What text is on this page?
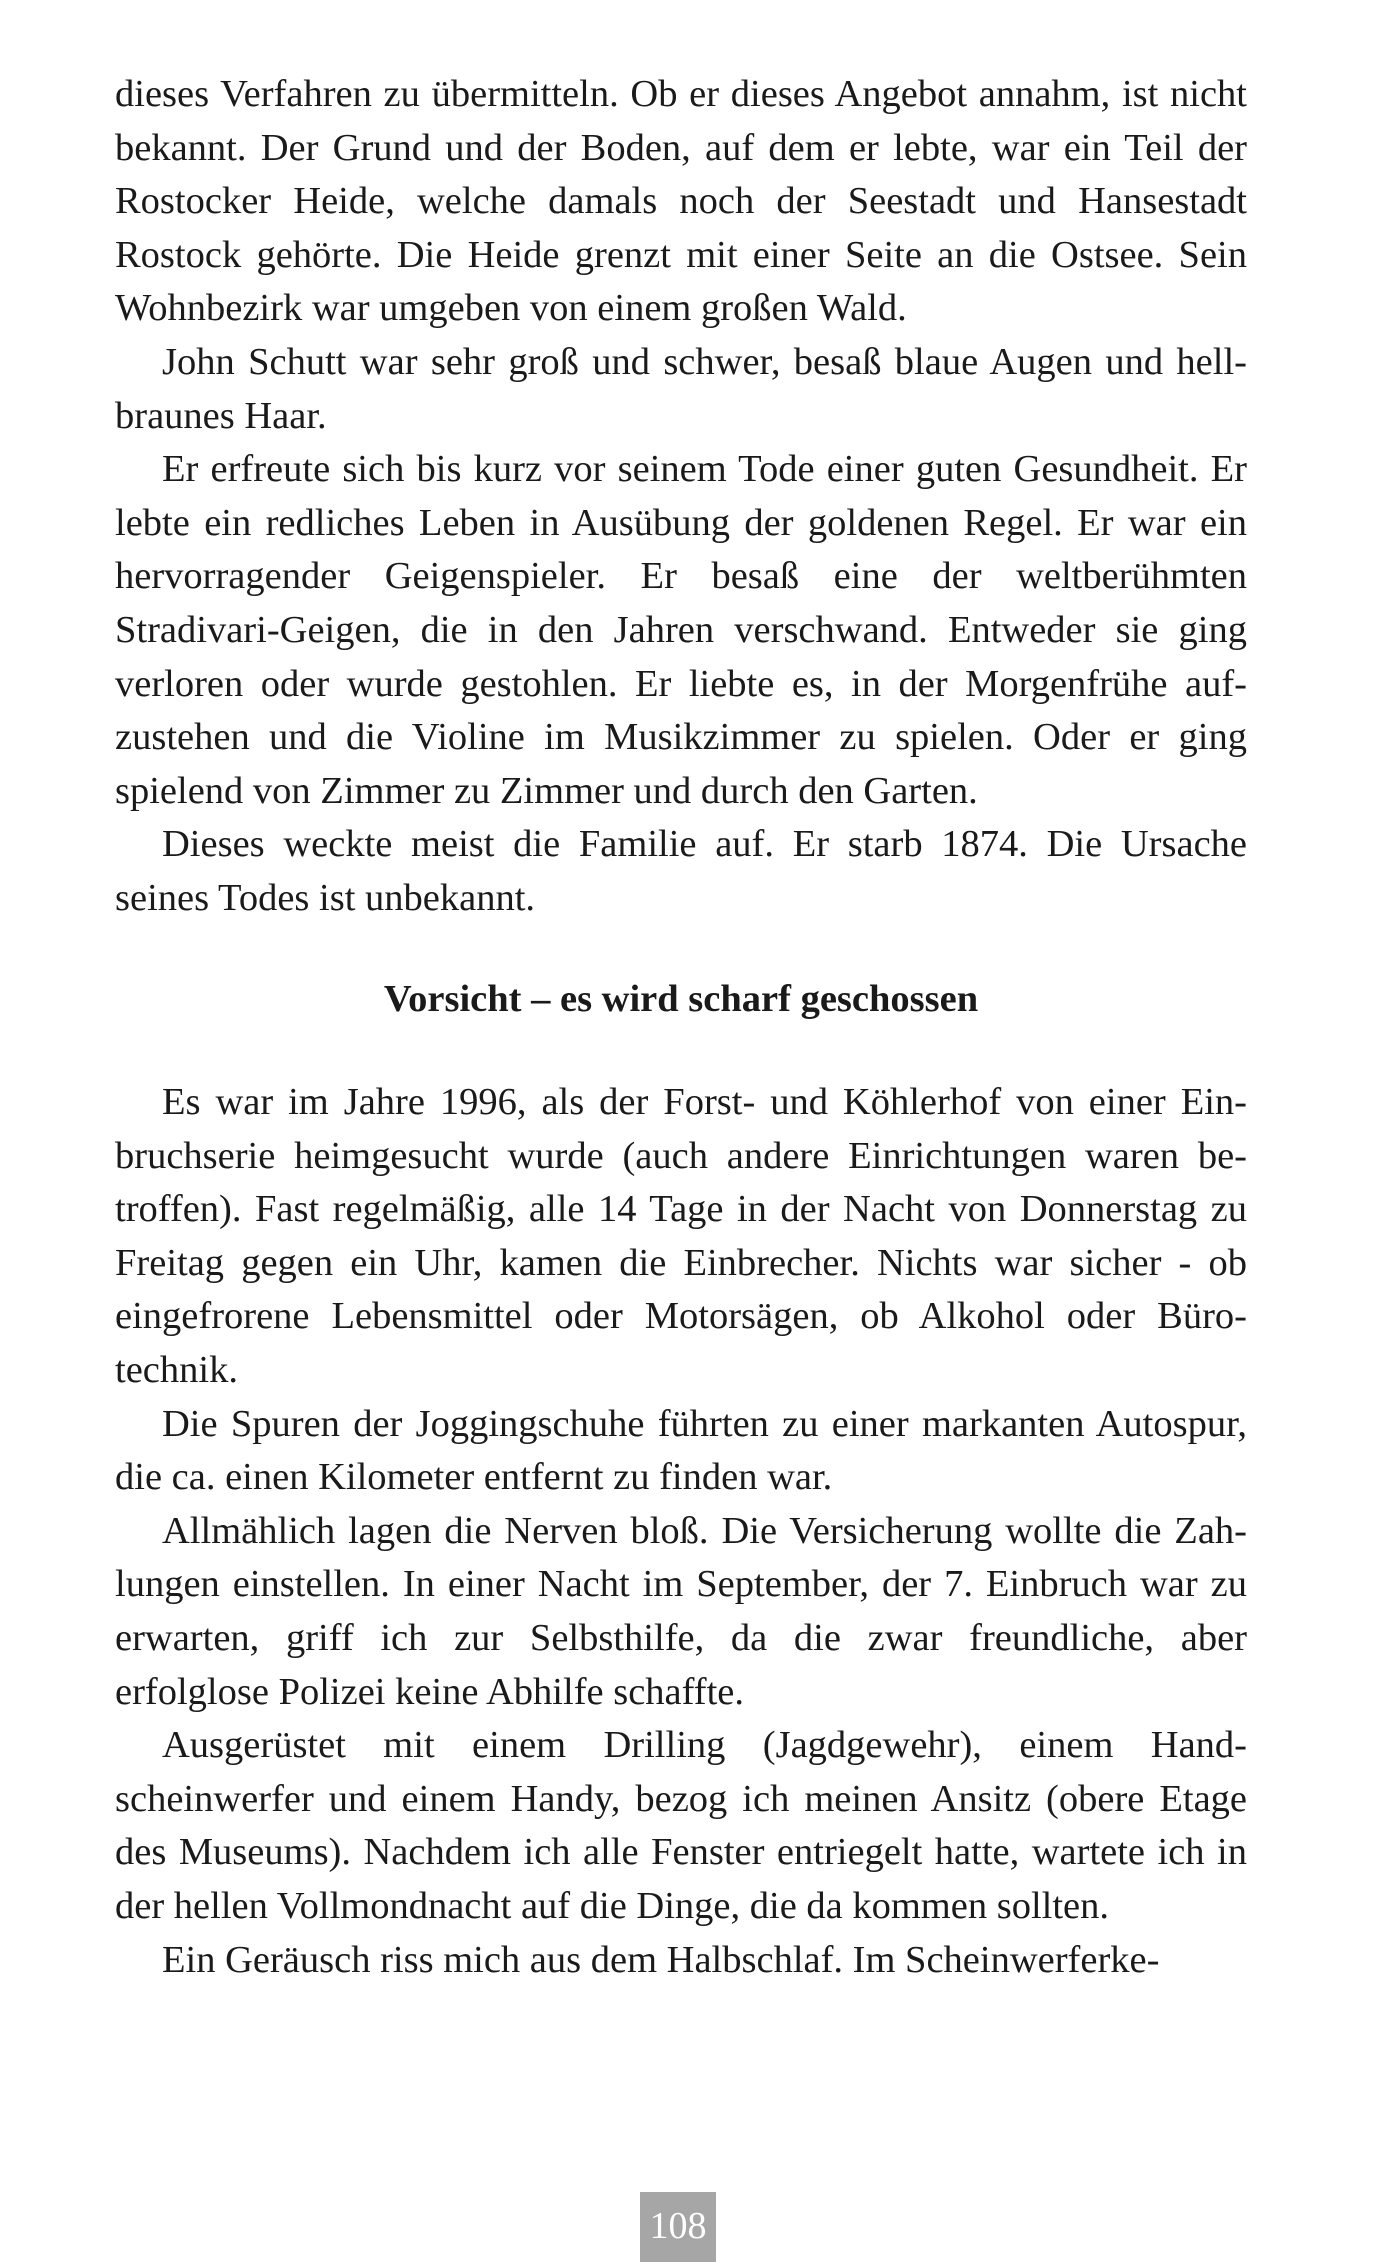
dieses Verfahren zu übermitteln. Ob er dieses Angebot annahm, ist nicht bekannt. Der Grund und der Boden, auf dem er lebte, war ein Teil der Rostocker Heide, welche damals noch der Seestadt und Hansestadt Rostock gehörte. Die Heide grenzt mit einer Seite an die Ostsee. Sein Wohnbezirk war umgeben von einem großen Wald.

John Schutt war sehr groß und schwer, besaß blaue Augen und hellbraunes Haar.

Er erfreute sich bis kurz vor seinem Tode einer guten Gesundheit. Er lebte ein redliches Leben in Ausübung der goldenen Regel. Er war ein hervorragender Geigenspieler. Er besaß eine der weltberühmten Stradivari-Geigen, die in den Jahren verschwand. Entweder sie ging verloren oder wurde gestohlen. Er liebte es, in der Morgenfrühe aufzustehen und die Violine im Musikzimmer zu spielen. Oder er ging spielend von Zimmer zu Zimmer und durch den Garten.

Dieses weckte meist die Familie auf. Er starb 1874. Die Ursache seines Todes ist unbekannt.

Vorsicht – es wird scharf geschossen

Es war im Jahre 1996, als der Forst- und Köhlerhof von einer Einbruchserie heimgesucht wurde (auch andere Einrichtungen waren betroffen). Fast regelmäßig, alle 14 Tage in der Nacht von Donnerstag zu Freitag gegen ein Uhr, kamen die Einbrecher. Nichts war sicher - ob eingefrorene Lebensmittel oder Motorsägen, ob Alkohol oder Bürotechnik.

Die Spuren der Joggingschuhe führten zu einer markanten Autospur, die ca. einen Kilometer entfernt zu finden war.

Allmählich lagen die Nerven bloß. Die Versicherung wollte die Zahlungen einstellen. In einer Nacht im September, der 7. Einbruch war zu erwarten, griff ich zur Selbsthilfe, da die zwar freundliche, aber erfolglose Polizei keine Abhilfe schaffte.

Ausgerüstet mit einem Drilling (Jagdgewehr), einem Handscheinwerfer und einem Handy, bezog ich meinen Ansitz (obere Etage des Museums). Nachdem ich alle Fenster entriegelt hatte, wartete ich in der hellen Vollmondnacht auf die Dinge, die da kommen sollten.

Ein Geräusch riss mich aus dem Halbschlaf. Im Scheinwerferke-

108
